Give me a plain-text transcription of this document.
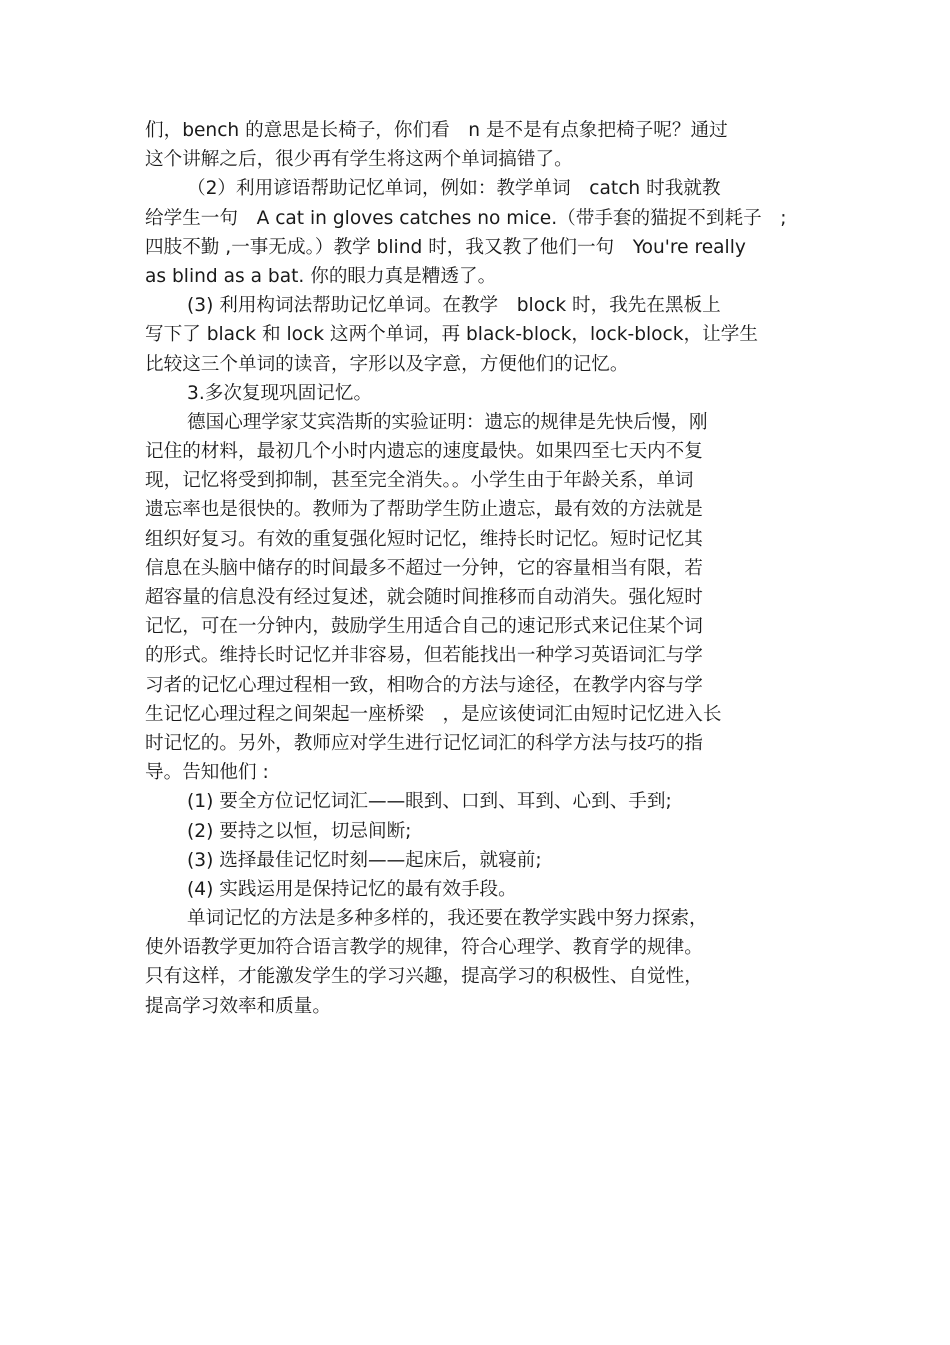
们，bench 的意思是长椅子，你们看　n 是不是有点象把椅子呢？通过
这个讲解之后，很少再有学生将这两个单词搞错了。
（2）利用谚语帮助记忆单词，例如：教学单词　catch 时我就教
给学生一句　A cat in gloves catches no mice.（带手套的猫捉不到耗子　;
四肢不勤 ,一事无成。）教学 blind 时，我又教了他们一句　You're really
as blind as a bat. 你的眼力真是糟透了。
(3) 利用构词法帮助记忆单词。在教学　block 时，我先在黑板上
写下了 black 和 lock 这两个单词，再 black-block，lock-block，让学生
比较这三个单词的读音，字形以及字意，方便他们的记忆。
3.多次复现巩固记忆。
德国心理学家艾宾浩斯的实验证明：遗忘的规律是先快后慢，刚
记住的材料，最初几个小时内遗忘的速度最快。如果四至七天内不复
现，记忆将受到抑制，甚至完全消失。。小学生由于年龄关系，单词
遗忘率也是很快的。教师为了帮助学生防止遗忘，最有效的方法就是
组织好复习。有效的重复强化短时记忆，维持长时记忆。短时记忆其
信息在头脑中储存的时间最多不超过一分钟，它的容量相当有限，若
超容量的信息没有经过复述，就会随时间推移而自动消失。强化短时
记忆，可在一分钟内，鼓励学生用适合自己的速记形式来记住某个词
的形式。维持长时记忆并非容易，但若能找出一种学习英语词汇与学
习者的记忆心理过程相一致，相吻合的方法与途径，在教学内容与学
生记忆心理过程之间架起一座桥梁　，是应该使词汇由短时记忆进入长
时记忆的。另外，教师应对学生进行记忆词汇的科学方法与技巧的指
导。告知他们 :
(1) 要全方位记忆词汇——眼到、口到、耳到、心到、手到;
(2) 要持之以恒，切忌间断;
(3) 选择最佳记忆时刻——起床后，就寝前;
(4) 实践运用是保持记忆的最有效手段。
单词记忆的方法是多种多样的，我还要在教学实践中努力探索，
使外语教学更加符合语言教学的规律，符合心理学、教育学的规律。
只有这样，才能激发学生的学习兴趣，提高学习的积极性、自觉性，
提高学习效率和质量。
